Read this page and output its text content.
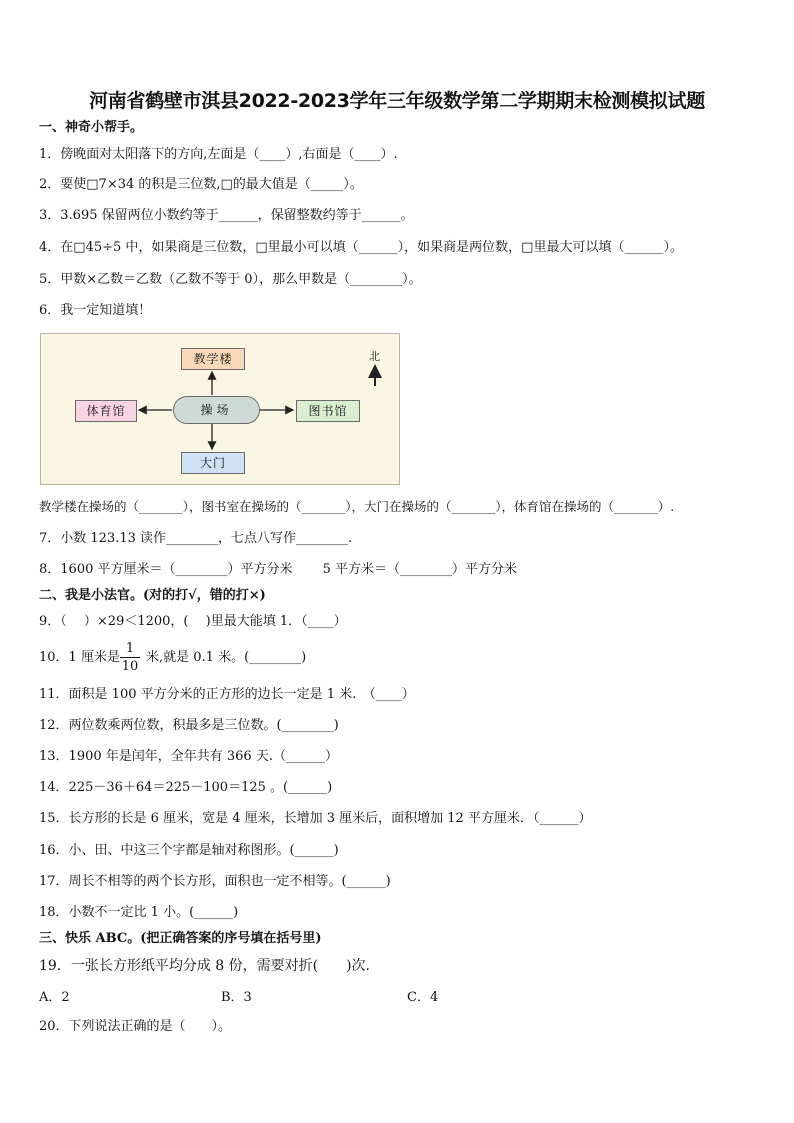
河南省鹤壁市淇县2022-2023学年三年级数学第二学期期末检测模拟试题
一、神奇小帮手。
1．傍晚面对太阳落下的方向,左面是（____）,右面是（____）.
2．要使□7×34 的积是三位数,□的最大值是（_____）。
3．3.695 保留两位小数约等于______，保留整数约等于______。
4．在□45÷5 中，如果商是三位数，□里最小可以填（______），如果商是两位数，□里最大可以填（______）。
5．甲数×乙数＝乙数（乙数不等于 0），那么甲数是（________）。
6．我一定知道填！
教学楼
体育馆	操场	图书馆
大门
北
教学楼在操场的（_______），图书室在操场的（_______），大门在操场的（_______），体育馆在操场的（_______）.
7．小数 123.13 读作________，七点八写作________.
8．1600 平方厘米＝（________）平方分米　　 5 平方米＝（________）平方分米
二、我是小法官。(对的打√，错的打×)
9．（　 ）×29＜1200，(　 )里最大能填 1．（____）
10．1 厘米是
1
10
米,就是 0.1 米。(________)
11．面积是 100 平方分米的正方形的边长一定是 1 米.　（____）
12．两位数乘两位数，积最多是三位数。(________)
13．1900 年是闰年，全年共有 366 天.（______）
14．225－36＋64＝225－100＝125 。(______)
15．长方形的长是 6 厘米，宽是 4 厘米，长增加 3 厘米后，面积增加 12 平方厘米．（______）
16．小、田、中这三个字都是轴对称图形。(______)
17．周长不相等的两个长方形，面积也一定不相等。(______)
18．小数不一定比 1 小。(______)
三、快乐 ABC。(把正确答案的序号填在括号里)
19．一张长方形纸平均分成 8 份，需要对折(　　)次.
A．2	B．3	C．4
20．下列说法正确的是（　　）。
